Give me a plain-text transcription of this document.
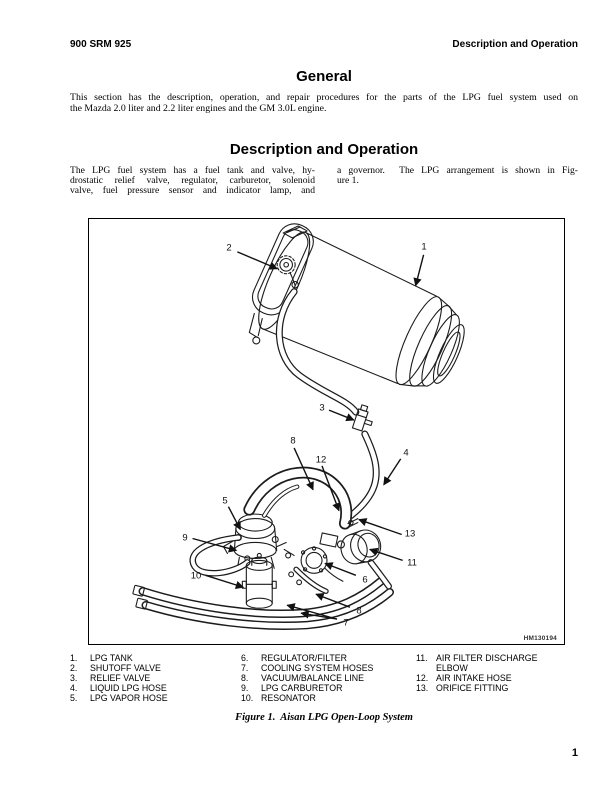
900 SRM 925	Description and Operation
General
This section has the description, operation, and repair procedures for the parts of the LPG fuel system used on
the Mazda 2.0 liter and 2.2 liter engines and the GM 3.0L engine.
Description and Operation
The LPG fuel system has a fuel tank and valve, hy-
drostatic relief valve, regulator, carburetor, solenoid
valve, fuel pressure sensor and indicator lamp, and
a governor.  The LPG arrangement is shown in Fig-
ure 1.
1
2
3
4
5
6
7
8
8
9
10
11
12
13
HM130194
1.	LPG TANK
2.	SHUTOFF VALVE
3.	RELIEF VALVE
4.	LIQUID LPG HOSE
5.	LPG VAPOR HOSE
6.	REGULATOR/FILTER
7.	COOLING SYSTEM HOSES
8.	VACUUM/BALANCE LINE
9.	LPG CARBURETOR
10. RESONATOR
11. AIR FILTER DISCHARGE ELBOW
12. AIR INTAKE HOSE
13. ORIFICE FITTING
Figure 1.  Aisan LPG Open-Loop System
1
